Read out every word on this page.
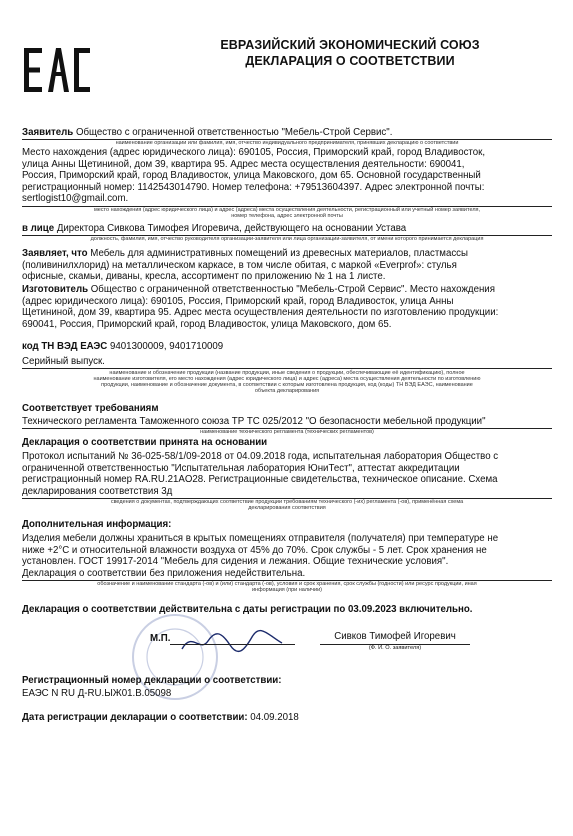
ЕВРАЗИЙСКИЙ ЭКОНОМИЧЕСКИЙ СОЮЗ
ДЕКЛАРАЦИЯ О СООТВЕТСТВИИ
Заявитель Общество с ограниченной ответственностью "Мебель-Строй Сервис".
наименование организации или фамилия, имя, отчество индивидуального предпринимателя, принявших декларацию о соответствии
Место нахождения (адрес юридического лица): 690105, Россия, Приморский край, город Владивосток,
улица Анны Щетининой, дом 39, квартира 95. Адрес места осуществления деятельности: 690041,
Россия, Приморский край, город Владивосток, улица Маковского, дом 65. Основной государственный
регистрационный номер: 1142543014790. Номер телефона: +79513604397. Адрес электронной почты:
sertlogist10@gmail.com.
место нахождения (адрес юридического лица) и адрес (адреса) места осуществления деятельности, регистрационный или учетный номер заявителя,
номер телефона, адрес электронной почты
в лице Директора Сивкова Тимофея Игоревича, действующего на основании Устава
должность, фамилия, имя, отчество руководителя организации-заявителя или лица организации-заявителя, от имени которого принимается декларация
Заявляет, что Мебель для административных помещений из древесных материалов, пластмассы
(поливинилхлорид) на металлическом каркасе, в том числе обитая, с маркой «Everprof»: стулья
офисные, скамьи, диваны, кресла, ассортимент по приложению № 1 на 1 листе.
Изготовитель Общество с ограниченной ответственностью "Мебель-Строй Сервис". Место нахождения
(адрес юридического лица): 690105, Россия, Приморский край, город Владивосток, улица Анны
Щетининой, дом 39, квартира 95. Адрес места осуществления деятельности по изготовлению продукции:
690041, Россия, Приморский край, город Владивосток, улица Маковского, дом 65.
код ТН ВЭД ЕАЭС 9401300009, 9401710009
Серийный выпуск.
наименование и обозначение продукции (название продукции, иные сведения о продукции, обеспечивающие её идентификацию), полное
наименование изготовителя, его место нахождения (адрес юридического лица) и адрес (адреса) места осуществления деятельности по изготовлению
продукции, наименование и обозначение документа, в соответствии с которым изготовлена продукция, код (коды) ТН ВЭД ЕАЭС, наименование
объекта декларирования
Соответствует требованиям
Технического регламента Таможенного союза ТР ТС 025/2012 "О безопасности мебельной продукции"
наименование технического регламента (технических регламентов)
Декларация о соответствии принята на основании
Протокол испытаний № 36-025-58/1/09-2018 от 04.09.2018 года, испытательная лаборатория Общество с
ограниченной ответственностью "Испытательная лаборатория ЮниТест", аттестат аккредитации
регистрационный номер RA.RU.21AO28. Регистрационные свидетельства, техническое описание. Схема
декларирования соответствия 3д
сведения о документах, подтверждающих соответствие продукции требованиям технического (-их) регламента (-ов), применённая схема
декларирования соответствия
Дополнительная информация:
Изделия мебели должны храниться в крытых помещениях отправителя (получателя) при температуре не
ниже +2°C и относительной влажности воздуха от 45% до 70%. Срок службы - 5 лет. Срок хранения не
установлен. ГОСТ 19917-2014 "Мебель для сидения и лежания. Общие технические условия".
Декларация о соответствии без приложения недействительна.
обозначение и наименование стандарта (-ов) и (или) стандарта (-ов), условия и срок хранения, срок службы (годности) или ресурс продукции, иная
информация (при наличии)
Декларация о соответствии действительна с даты регистрации по 03.09.2023 включительно.
М.П.	Сивков Тимофей Игоревич
(Ф. И. О. заявителя)
Регистрационный номер декларации о соответствии:
ЕАЭС N RU Д-RU.ЫЖ01.В.05098
Дата регистрации декларации о соответствии: 04.09.2018
